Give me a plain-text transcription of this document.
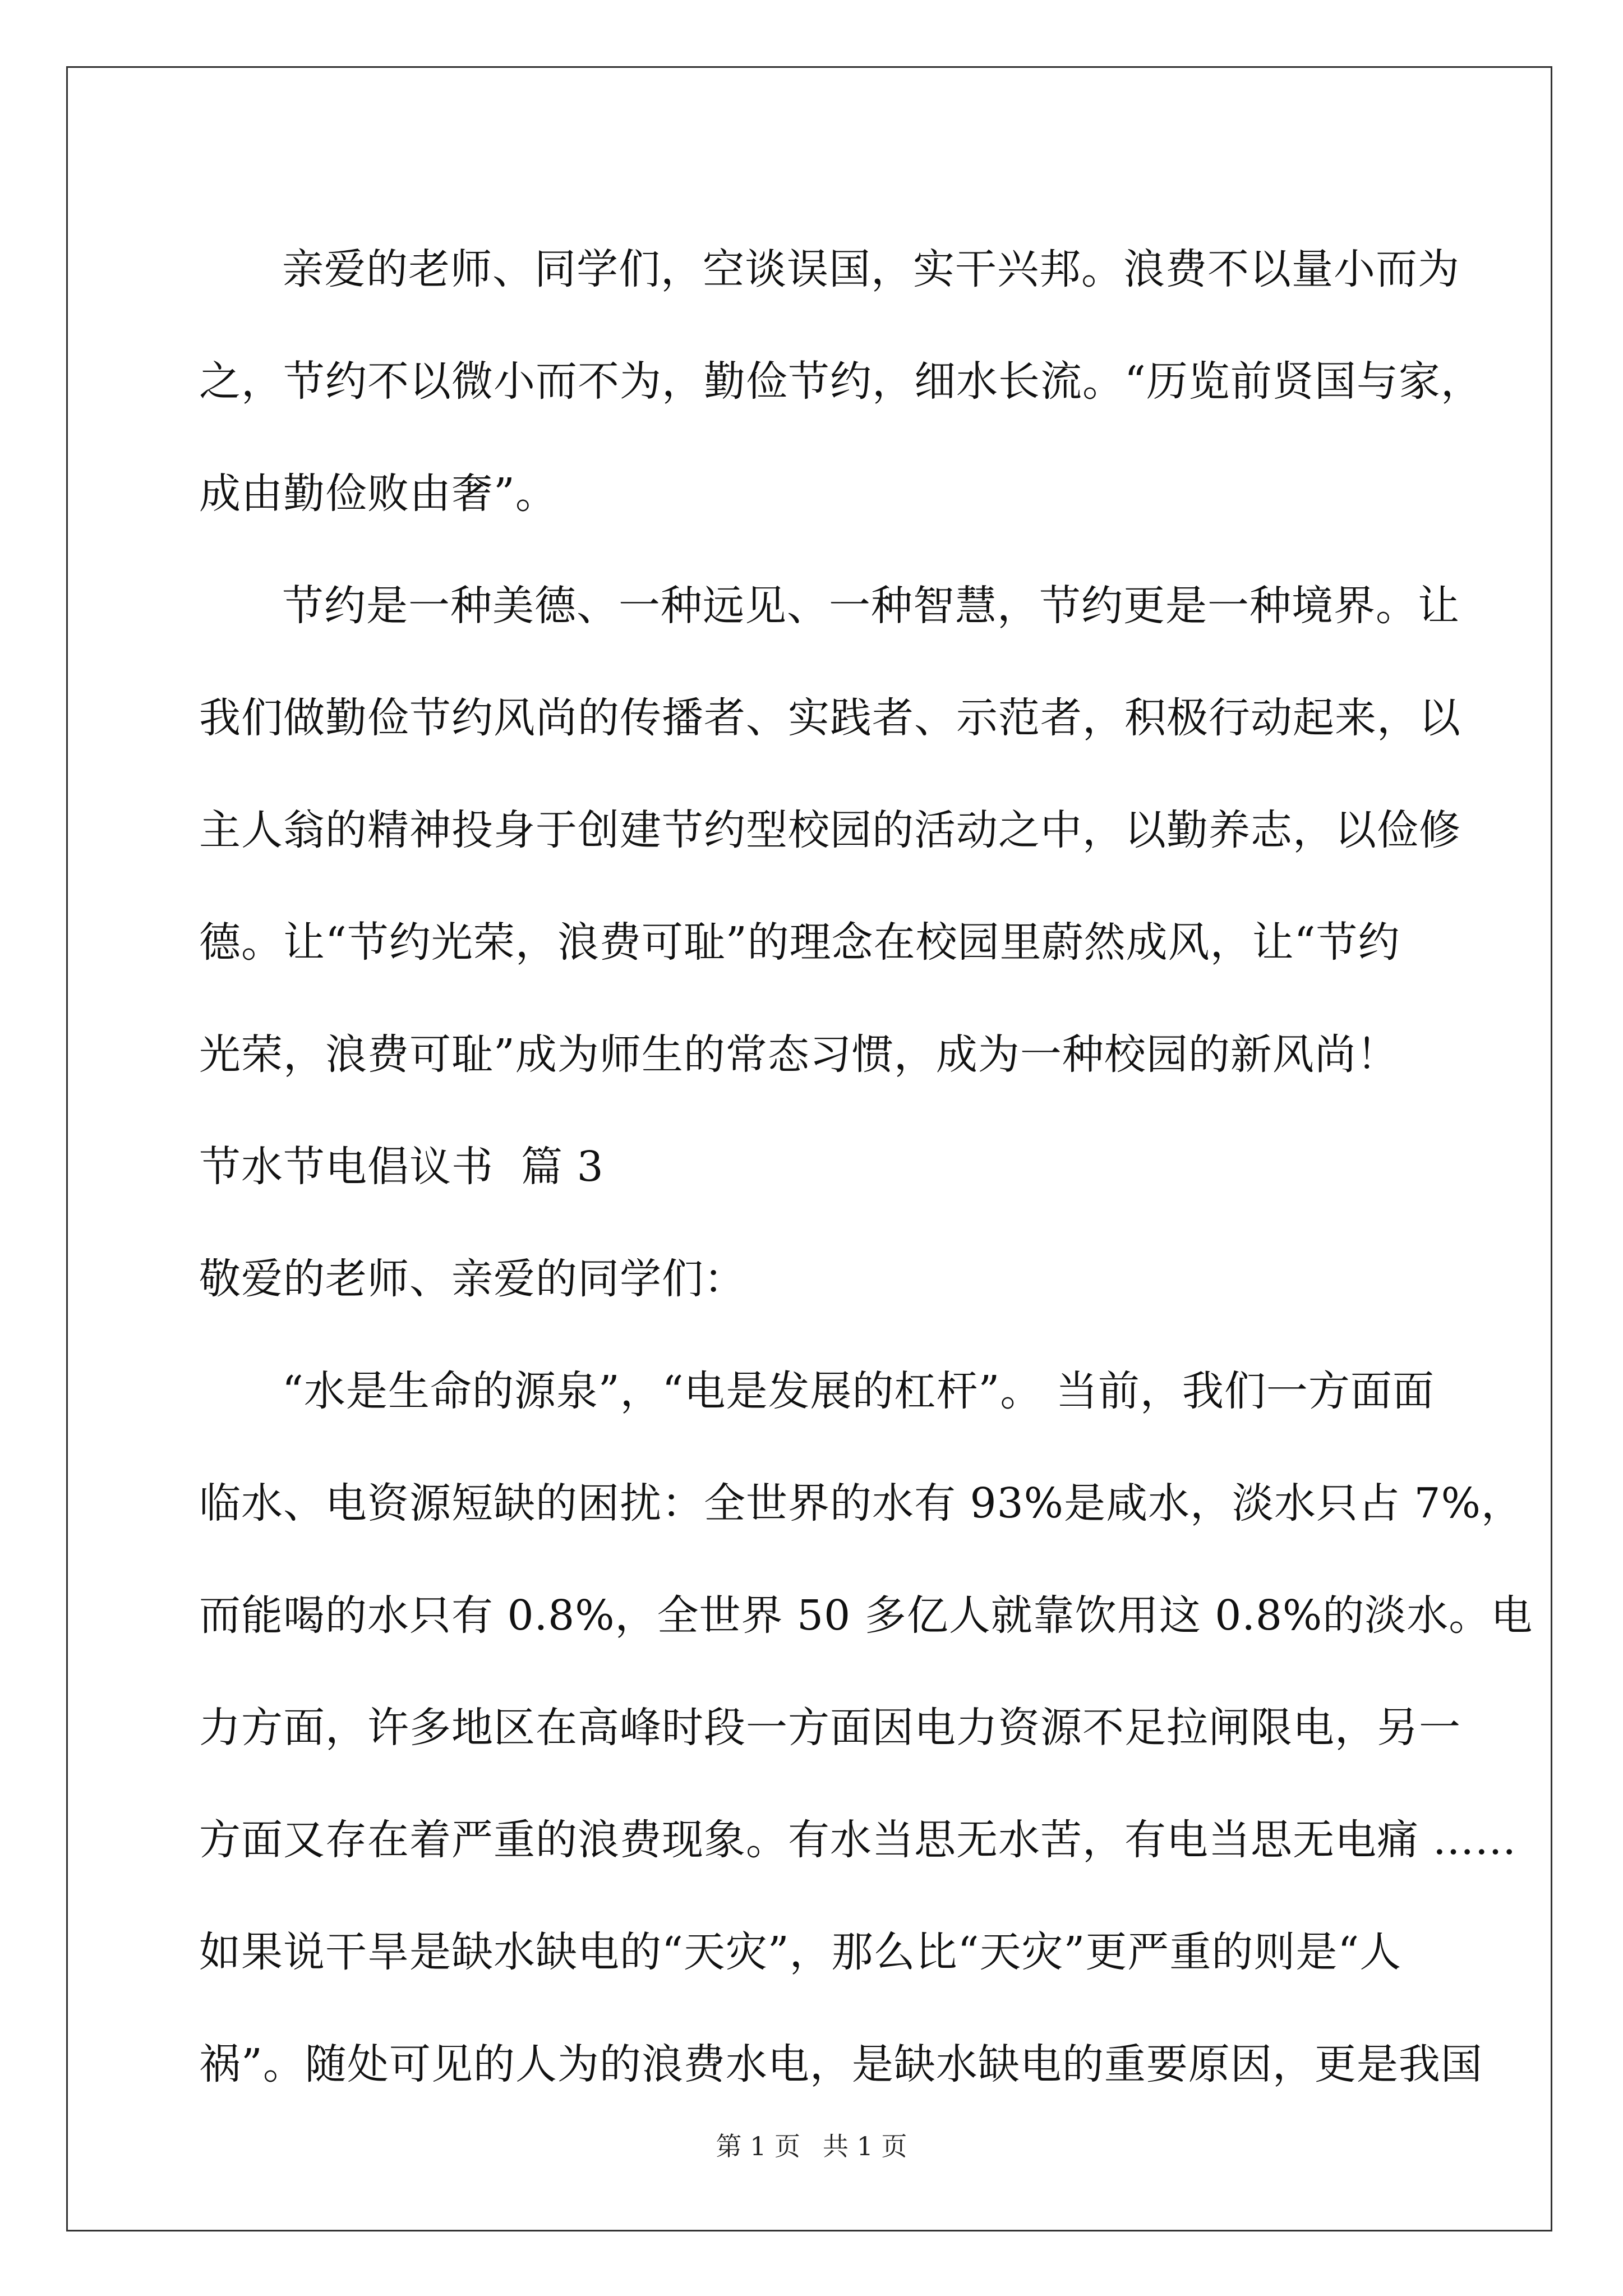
亲爱的老师、同学们，空谈误国，实干兴邦。浪费不以量小而为
之，节约不以微小而不为，勤俭节约，细水长流。“历览前贤国与家，
成由勤俭败由奢”。
节约是一种美德、一种远见、一种智慧，节约更是一种境界。让
我们做勤俭节约风尚的传播者、实践者、示范者，积极行动起来，以
主人翁的精神投身于创建节约型校园的活动之中，以勤养志，以俭修
德。让“节约光荣，浪费可耻”的理念在校园里蔚然成风，让“节约
光荣，浪费可耻”成为师生的常态习惯，成为一种校园的新风尚！
节水节电倡议书  篇 3
敬爱的老师、亲爱的同学们：
“水是生命的源泉”，“电是发展的杠杆”。 当前，我们一方面面
临水、电资源短缺的困扰：全世界的水有 93%是咸水，淡水只占 7%，
而能喝的水只有 0.8%，全世界 50 多亿人就靠饮用这 0.8%的淡水。电
力方面，许多地区在高峰时段一方面因电力资源不足拉闸限电，另一
方面又存在着严重的浪费现象。有水当思无水苦，有电当思无电痛 ……
如果说干旱是缺水缺电的“天灾”，那么比“天灾”更严重的则是“人
祸”。随处可见的人为的浪费水电，是缺水缺电的重要原因，更是我国
第 1 页 共 1 页
